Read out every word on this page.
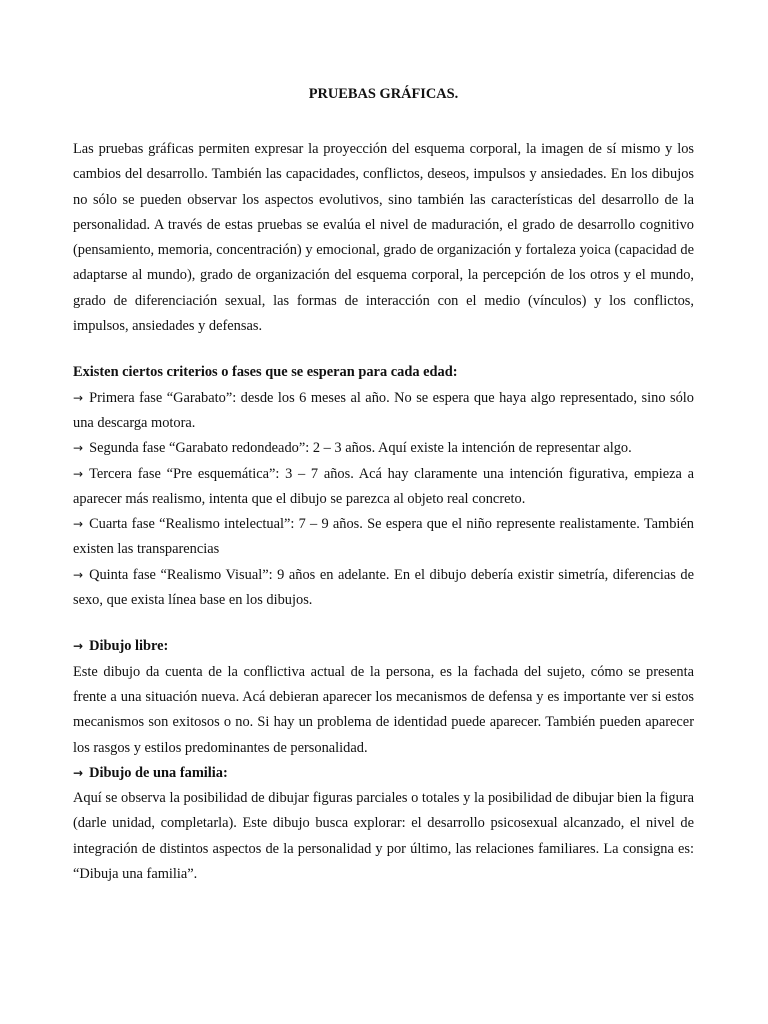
PRUEBAS GRÁFICAS.

Las pruebas gráficas permiten expresar la proyección del esquema corporal, la imagen de sí mismo y los cambios del desarrollo. También las capacidades, conflictos, deseos, impulsos y ansiedades. En los dibujos no sólo se pueden observar los aspectos evolutivos, sino también las características del desarrollo de la personalidad. A través de estas pruebas se evalúa el nivel de maduración, el grado de desarrollo cognitivo (pensamiento, memoria, concentración) y emocional, grado de organización y fortaleza yoica (capacidad de adaptarse al mundo), grado de organización del esquema corporal, la percepción de los otros y el mundo, grado de diferenciación sexual, las formas de interacción con el medio (vínculos) y los conflictos, impulsos, ansiedades y defensas.

Existen ciertos criterios o fases que se esperan para cada edad:

→ Primera fase “Garabato”: desde los 6 meses al año. No se espera que haya algo representado, sino sólo una descarga motora.

→ Segunda fase “Garabato redondeado”: 2 – 3 años. Aquí existe la intención de representar algo.

→ Tercera fase “Pre esquemática”: 3 – 7 años. Acá hay claramente una intención figurativa, empieza a aparecer más realismo, intenta que el dibujo se parezca al objeto real concreto.

→ Cuarta fase “Realismo intelectual”: 7 – 9 años. Se espera que el niño represente realistamente. También existen las transparencias

→ Quinta fase “Realismo Visual”: 9 años en adelante. En el dibujo debería existir simetría, diferencias de sexo, que exista línea base en los dibujos.

→ Dibujo libre:

Este dibujo da cuenta de la conflictiva actual de la persona, es la fachada del sujeto, cómo se presenta frente a una situación nueva. Acá debieran aparecer los mecanismos de defensa y es importante ver si estos mecanismos son exitosos o no. Si hay un problema de identidad puede aparecer. También pueden aparecer los rasgos y estilos predominantes de personalidad.

→ Dibujo de una familia:

Aquí se observa la posibilidad de dibujar figuras parciales o totales y la posibilidad de dibujar bien la figura (darle unidad, completarla). Este dibujo busca explorar: el desarrollo psicosexual alcanzado, el nivel de integración de distintos aspectos de la personalidad y por último, las relaciones familiares. La consigna es: “Dibuja una familia”.
